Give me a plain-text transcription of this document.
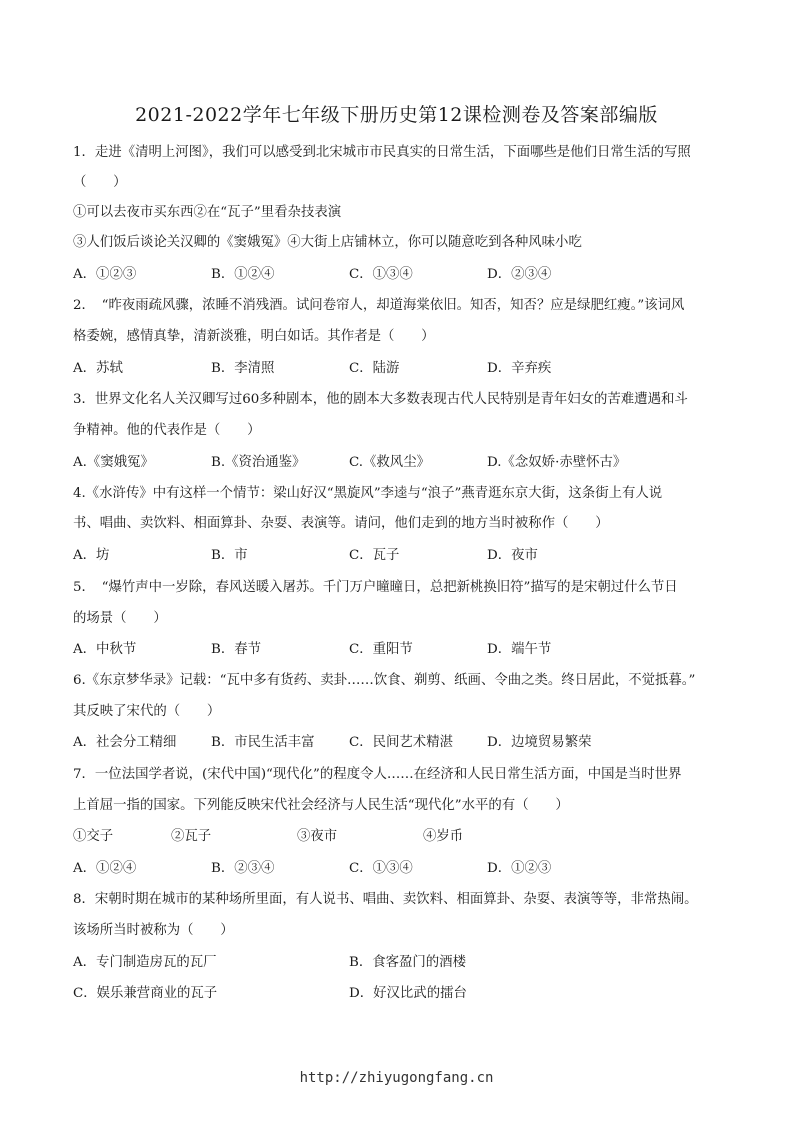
2021-2022学年七年级下册历史第12课检测卷及答案部编版
1．走进《清明上河图》，我们可以感受到北宋城市市民真实的日常生活，下面哪些是他们日常生活的写照
（　　）
①可以去夜市买东西②在“瓦子”里看杂技表演
③人们饭后谈论关汉卿的《窦娥冤》④大街上店铺林立，你可以随意吃到各种风味小吃
A．①②③	B．①②④	C．①③④	D．②③④
2．　“昨夜雨疏风骤，浓睡不消残酒。试问卷帘人，却道海棠依旧。知否，知否？应是绿肥红瘦。”该词风
格委婉，感情真挚，清新淡雅，明白如话。其作者是（　　）
A．苏轼	B．李清照	C．陆游	D．辛弃疾
3．世界文化名人关汉卿写过60多种剧本，他的剧本大多数表现古代人民特别是青年妇女的苦难遭遇和斗
争精神。他的代表作是（　　）
A.《窦娥冤》	B.《资治通鉴》	C.《救风尘》	D.《念奴娇·赤壁怀古》
4.《水浒传》中有这样一个情节：梁山好汉“黑旋风”李逵与“浪子”燕青逛东京大街，这条街上有人说
书、唱曲、卖饮料、相面算卦、杂耍、表演等。请问，他们走到的地方当时被称作（　　）
A．坊	B．市	C．瓦子	D．夜市
5．　“爆竹声中一岁除，春风送暖入屠苏。千门万户曈曈日，总把新桃换旧符”描写的是宋朝过什么节日
的场景（　　）
A．中秋节	B．春节	C．重阳节	D．端午节
6.《东京梦华录》记载：“瓦中多有货药、卖卦……饮食、剃剪、纸画、令曲之类。终日居此，不觉抵暮。”
其反映了宋代的（　　）
A．社会分工精细	B．市民生活丰富	C．民间艺术精湛	D．边境贸易繁荣
7．一位法国学者说，(宋代中国)“现代化”的程度令人……在经济和人民日常生活方面，中国是当时世界
上首屈一指的国家。下列能反映宋代社会经济与人民生活“现代化”水平的有（　　）
①交子	②瓦子	③夜市	④岁币
A．①②④	B．②③④	C．①③④	D．①②③
8．宋朝时期在城市的某种场所里面，有人说书、唱曲、卖饮料、相面算卦、杂耍、表演等等，非常热闹。
该场所当时被称为（　　）
A．专门制造房瓦的瓦厂	B．食客盈门的酒楼
C．娱乐兼营商业的瓦子	D．好汉比武的擂台
http://zhiyugongfang.cn
